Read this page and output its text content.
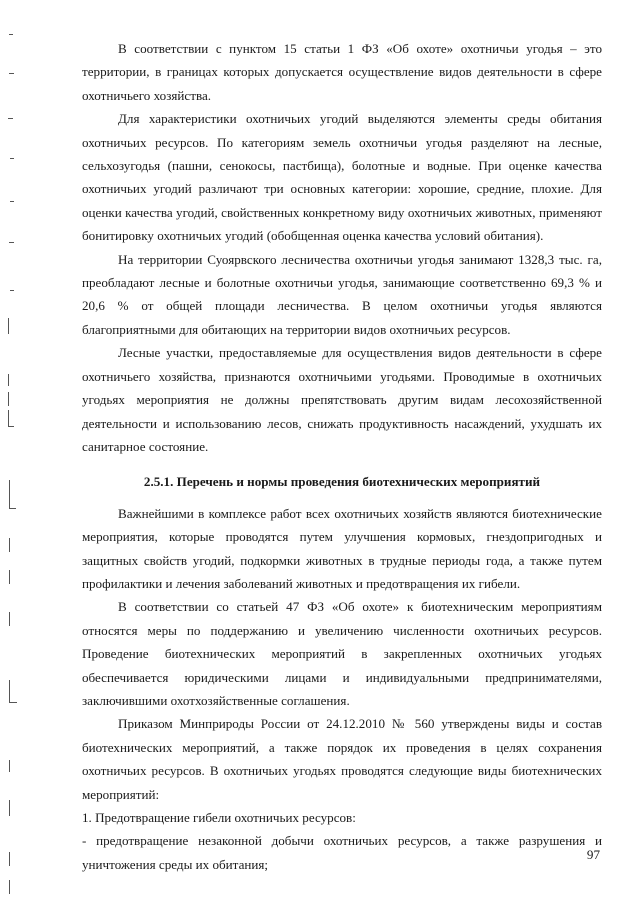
В соответствии с пунктом 15 статьи 1 ФЗ «Об охоте» охотничьи угодья – это территории, в границах которых допускается осуществление видов деятельности в сфере охотничьего хозяйства.

Для характеристики охотничьих угодий выделяются элементы среды обитания охотничьих ресурсов. По категориям земель охотничьи угодья разделяют на лесные, сельхозугодья (пашни, сенокосы, пастбища), болотные и водные. При оценке качества охотничьих угодий различают три основных категории: хорошие, средние, плохие. Для оценки качества угодий, свойственных конкретному виду охотничьих животных, применяют бонитировку охотничьих угодий (обобщенная оценка качества условий обитания).

На территории Суоярвского лесничества охотничьи угодья занимают 1328,3 тыс. га, преобладают лесные и болотные охотничьи угодья, занимающие соответственно 69,3 % и 20,6 % от общей площади лесничества. В целом охотничьи угодья являются благоприятными для обитающих на территории видов охотничьих ресурсов.

Лесные участки, предоставляемые для осуществления видов деятельности в сфере охотничьего хозяйства, признаются охотничьими угодьями. Проводимые в охотничьих угодьях мероприятия не должны препятствовать другим видам лесохозяйственной деятельности и использованию лесов, снижать продуктивность насаждений, ухудшать их санитарное состояние.

2.5.1. Перечень и нормы проведения биотехнических мероприятий

Важнейшими в комплексе работ всех охотничьих хозяйств являются биотехнические мероприятия, которые проводятся путем улучшения кормовых, гнездопригодных и защитных свойств угодий, подкормки животных в трудные периоды года, а также путем профилактики и лечения заболеваний животных и предотвращения их гибели.

В соответствии со статьей 47 ФЗ «Об охоте» к биотехническим мероприятиям относятся меры по поддержанию и увеличению численности охотничьих ресурсов. Проведение биотехнических мероприятий в закрепленных охотничьих угодьях обеспечивается юридическими лицами и индивидуальными предпринимателями, заключившими охотхозяйственные соглашения.

Приказом Минприроды России от 24.12.2010 № 560 утверждены виды и состав биотехнических мероприятий, а также порядок их проведения в целях сохранения охотничьих ресурсов. В охотничьих угодьях проводятся следующие виды биотехнических мероприятий:

1. Предотвращение гибели охотничьих ресурсов:

- предотвращение незаконной добычи охотничьих ресурсов, а также разрушения и уничтожения среды их обитания;

97
